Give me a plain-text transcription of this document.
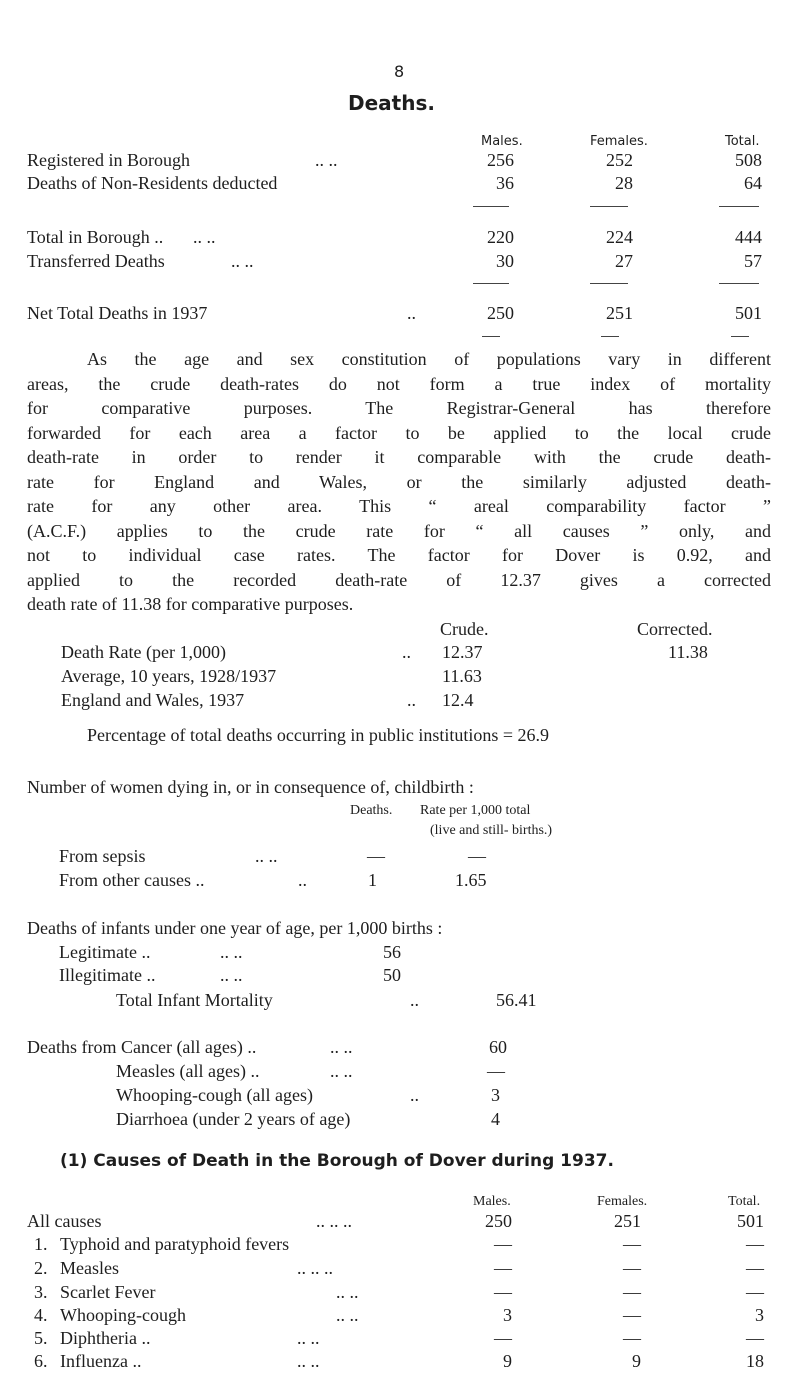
8
Deaths.
Males.	Females.	Total.
Registered in Borough	.. ..	256	252	508
Deaths of Non-Residents deducted	36	28	64
Total in Borough .. .. ..	220	224	444
Transferred Deaths	.. ..	30	27	57
Net Total Deaths in 1937	..	250	251	501
As the age and sex constitution of populations vary in different
areas, the crude death-rates do not form a true index of mortality
for comparative purposes. The Registrar-General has therefore
forwarded for each area a factor to be applied to the local crude
death-rate in order to render it comparable with the crude death-
rate for England and Wales, or the similarly adjusted death-
rate for any other area. This “ areal comparability factor ”
(A.C.F.) applies to the crude rate for “ all causes ” only, and
not to individual case rates. The factor for Dover is 0.92, and
applied to the recorded death-rate of 12.37 gives a corrected
death rate of 11.38 for comparative purposes.
Crude.	Corrected.
Death Rate (per 1,000)	.. 12.37	11.38
Average, 10 years, 1928/1937	11.63
England and Wales, 1937	.. 12.4
Percentage of total deaths occurring in public institutions = 26.9
Number of women dying in, or in consequence of, childbirth :
Deaths. Rate per 1,000 total
(live and still- births.)
From sepsis	.. ..	—	—
From other causes ..	..	1	1.65
Deaths of infants under one year of age, per 1,000 births :
Legitimate ..	.. ..	56
Illegitimate ..	.. ..	50
Total Infant Mortality	..	56.41
Deaths from Cancer (all ages) ..	.. ..	60
Measles (all ages) ..	.. ..	—
Whooping-cough (all ages)	..	3
Diarrhoea (under 2 years of age)	4
(1) Causes of Death in the Borough of Dover during 1937.
Males.	Females.	Total.
All causes	.. .. ..	250	251	501
1. Typhoid and paratyphoid fevers	—	—	—
2. Measles	.. .. ..	—	—	—
3. Scarlet Fever	.. ..	—	—	—
4. Whooping-cough	.. ..	3	—	3
5. Diphtheria ..	.. ..	—	—	—
6. Influenza ..	.. ..	9	9	18
